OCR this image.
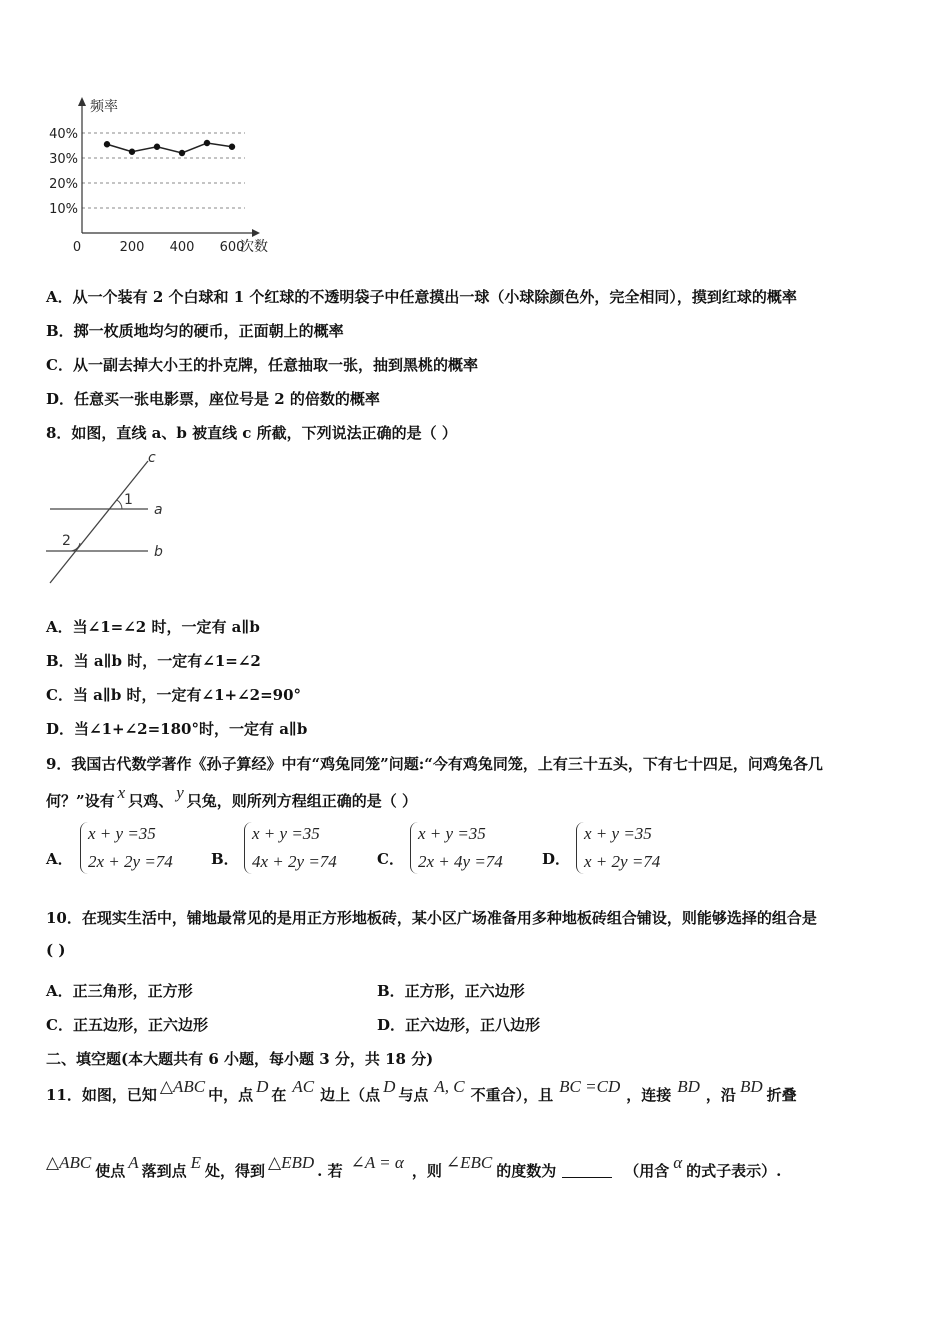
频率
次数
10%
20%
30%
40%
0	200 400 600
A．从一个装有 2 个白球和 1 个红球的不透明袋子中任意摸出一球（小球除颜色外，完全相同），摸到红球的概率
B．掷一枚质地均匀的硬币，正面朝上的概率
C．从一副去掉大小王的扑克牌，任意抽取一张，抽到黑桃的概率
D．任意买一张电影票，座位号是 2 的倍数的概率
8．如图，直线 a、b 被直线 c 所截，下列说法正确的是（ ）
c
a
b
1
2
A．当∠1=∠2 时，一定有 a∥b
B．当 a∥b 时，一定有∠1=∠2
C．当 a∥b 时，一定有∠1+∠2=90°
D．当∠1+∠2=180°时，一定有 a∥b
9．我国古代数学著作《孙子算经》中有“鸡兔同笼”问题:“今有鸡兔同笼，上有三十五头，下有七十四足，问鸡兔各几
何？”设有 x 只鸡、 y 只兔，则所列方程组正确的是（ ）
A．
x + y =35
2x + 2y =74	B．
x + y =35
4x + 2y =74	C．
x + y =35
2x + 4y =74	D．
x + y =35
x + 2y =74
10．在现实生活中，铺地最常见的是用正方形地板砖，某小区广场准备用多种地板砖组合铺设，则能够选择的组合是
( )
A．正三角形，正方形	B．正方形，正六边形
C．正五边形，正六边形	D．正六边形，正八边形
二、填空题(本大题共有 6 小题，每小题 3 分，共 18 分)
11．如图，已知 △ABC 中，点 D 在 AC 边上（点 D 与点 A, C 不重合），且 BC =CD ，连接 BD ，沿 BD 折叠
△ABC 使点 A 落到点 E 处，得到 △EBD . 若 ∠A = α ，则 ∠EBC 的度数为	（用含 α 的式子表示）.
